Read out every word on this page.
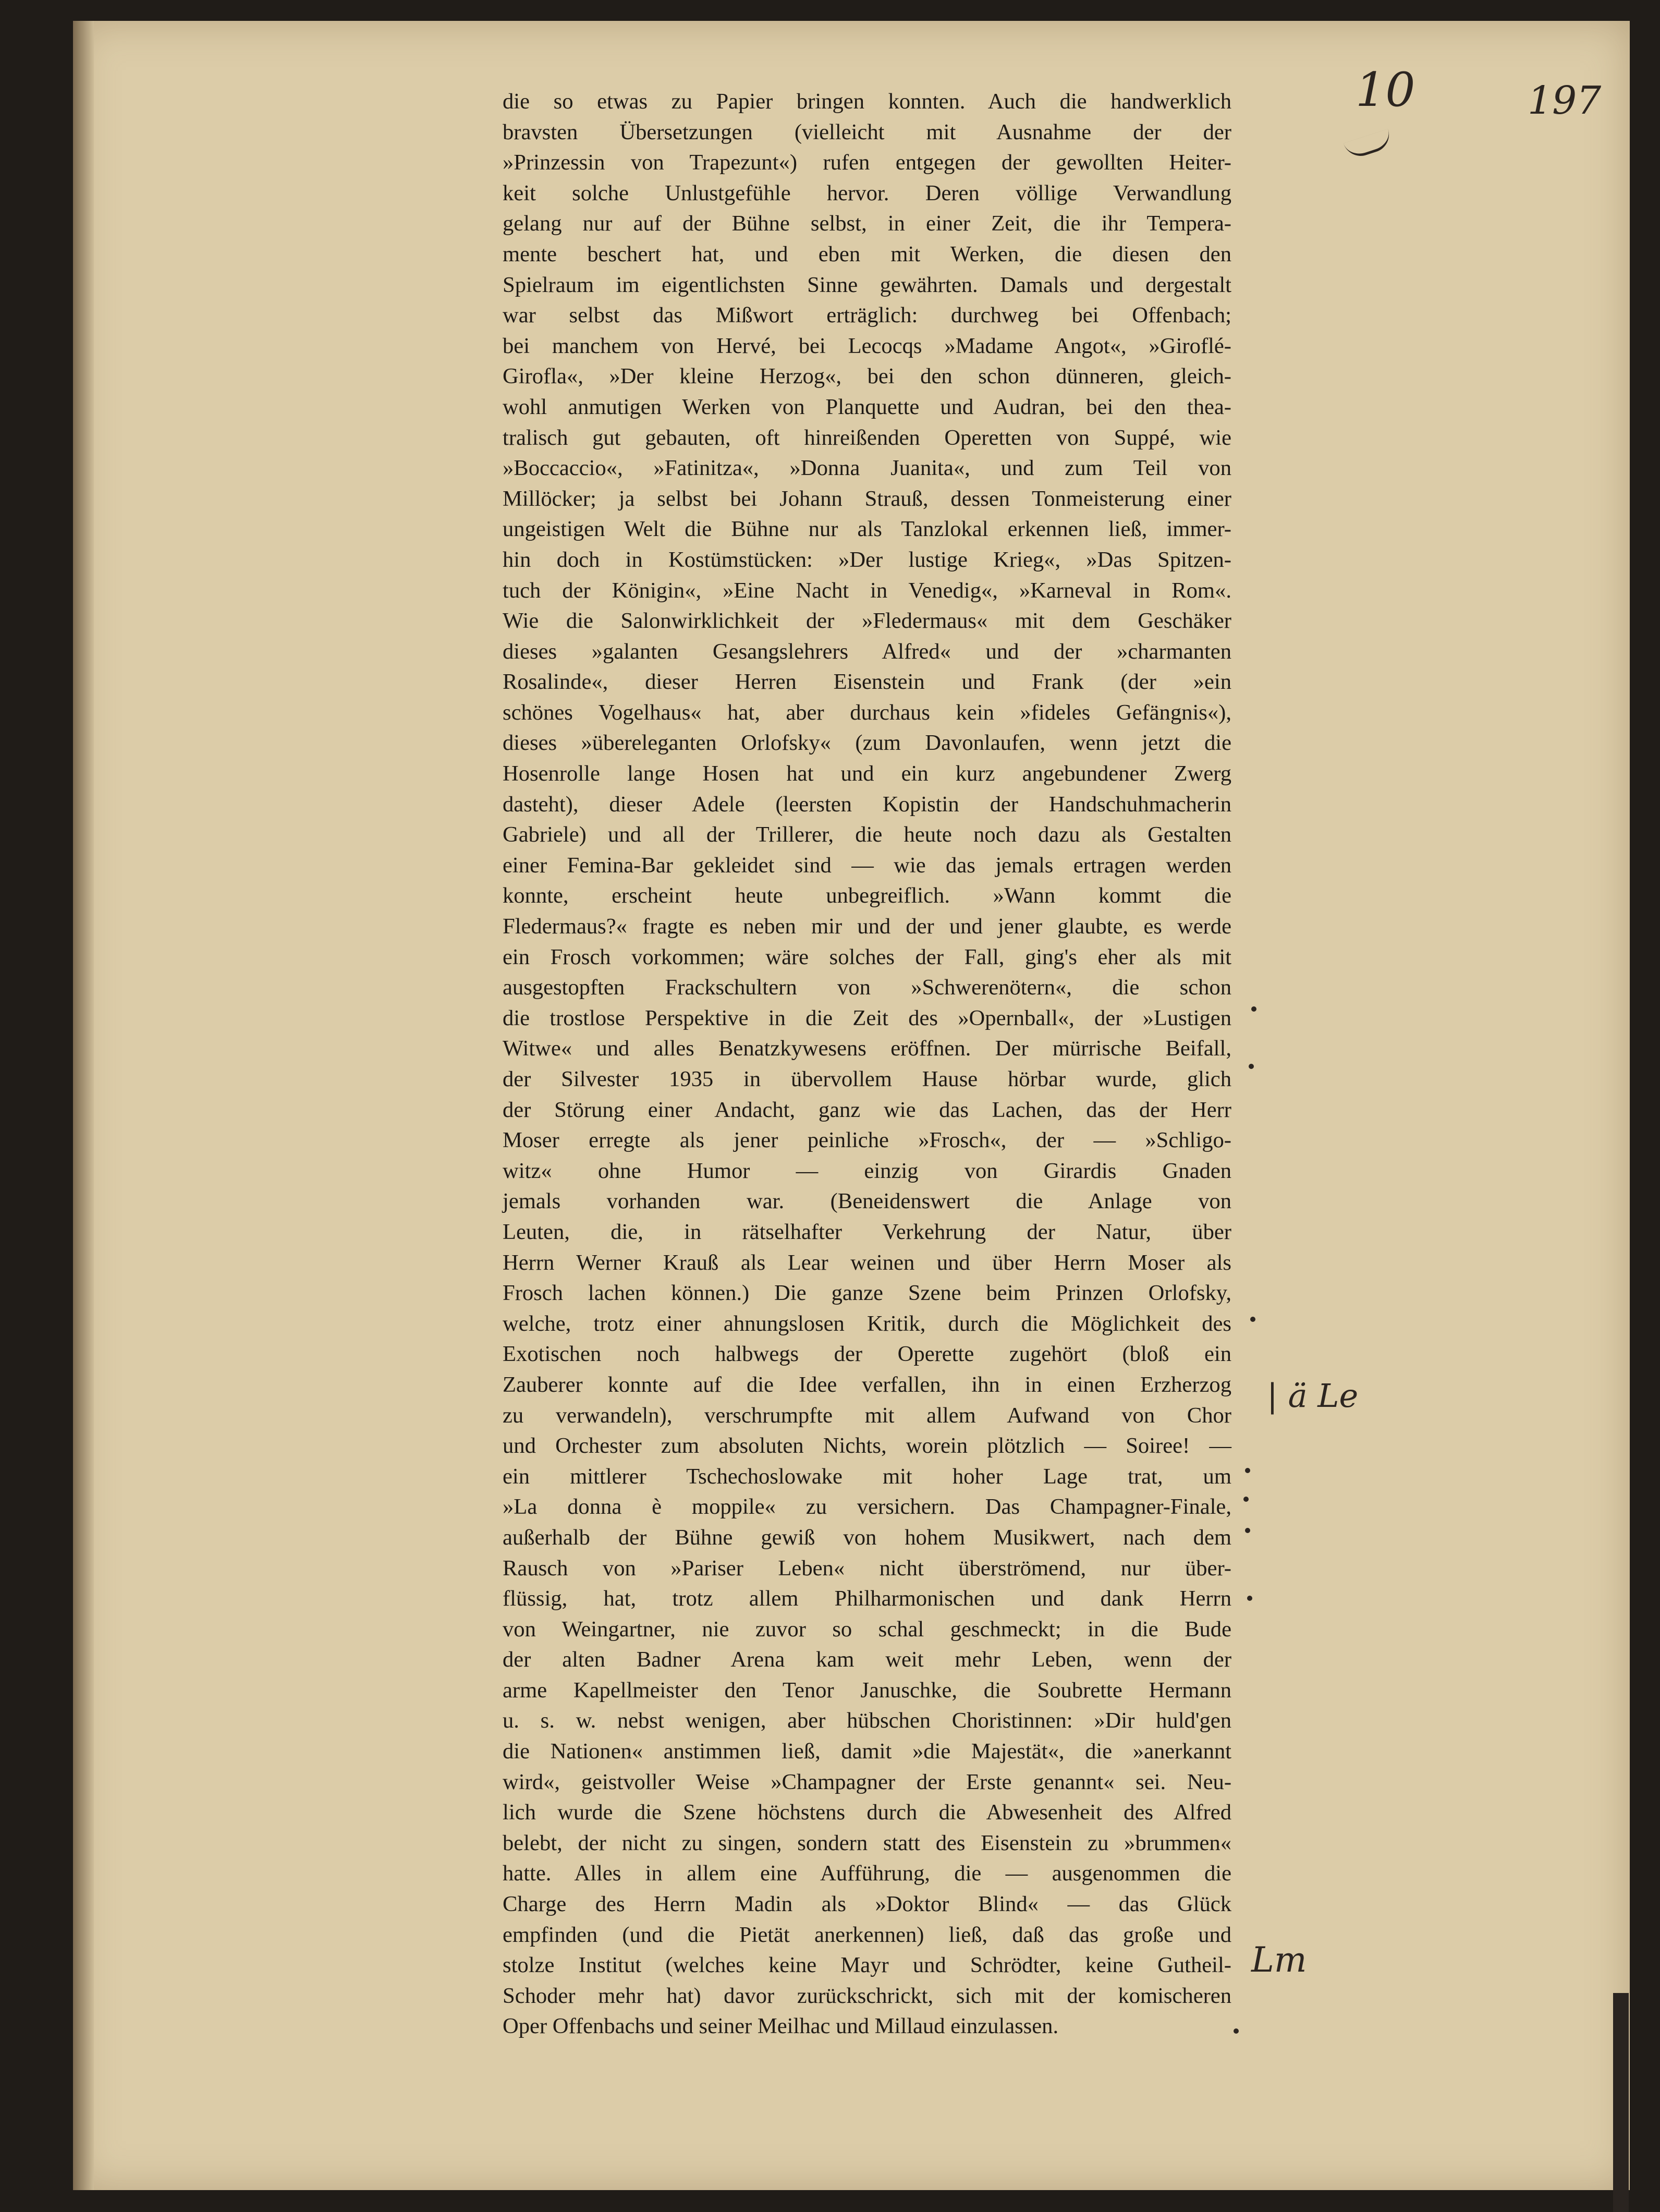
10	197
| ä Le
Lm
die so etwas zu Papier bringen konnten. Auch die handwerklich
bravsten Übersetzungen (vielleicht mit Ausnahme der der
»Prinzessin von Trapezunt«) rufen entgegen der gewollten Heiter-
keit solche Unlustgefühle hervor. Deren völlige Verwandlung
gelang nur auf der Bühne selbst, in einer Zeit, die ihr Tempera-
mente beschert hat, und eben mit Werken, die diesen den
Spielraum im eigentlichsten Sinne gewährten. Damals und dergestalt
war selbst das Mißwort erträglich: durchweg bei Offenbach;
bei manchem von Hervé, bei Lecocqs »Madame Angot«, »Giroflé-
Girofla«, »Der kleine Herzog«, bei den schon dünneren, gleich-
wohl anmutigen Werken von Planquette und Audran, bei den thea-
tralisch gut gebauten, oft hinreißenden Operetten von Suppé, wie
»Boccaccio«, »Fatinitza«, »Donna Juanita«, und zum Teil von
Millöcker; ja selbst bei Johann Strauß, dessen Tonmeisterung einer
ungeistigen Welt die Bühne nur als Tanzlokal erkennen ließ, immer-
hin doch in Kostümstücken: »Der lustige Krieg«, »Das Spitzen-
tuch der Königin«, »Eine Nacht in Venedig«, »Karneval in Rom«.
Wie die Salonwirklichkeit der »Fledermaus« mit dem Geschäker
dieses »galanten Gesangslehrers Alfred« und der »charmanten
Rosalinde«, dieser Herren Eisenstein und Frank (der »ein
schönes Vogelhaus« hat, aber durchaus kein »fideles Gefängnis«),
dieses »übereleganten Orlofsky« (zum Davonlaufen, wenn jetzt die
Hosenrolle lange Hosen hat und ein kurz angebundener Zwerg
dasteht), dieser Adele (leersten Kopistin der Handschuhmacherin
Gabriele) und all der Trillerer, die heute noch dazu als Gestalten
einer Femina-Bar gekleidet sind — wie das jemals ertragen werden
konnte, erscheint heute unbegreiflich. »Wann kommt die
Fledermaus?« fragte es neben mir und der und jener glaubte, es werde
ein Frosch vorkommen; wäre solches der Fall, ging's eher als mit
ausgestopften Frackschultern von »Schwerenötern«, die schon
die trostlose Perspektive in die Zeit des »Opernball«, der »Lustigen
Witwe« und alles Benatzkywesens eröffnen. Der mürrische Beifall,
der Silvester 1935 in übervollem Hause hörbar wurde, glich
der Störung einer Andacht, ganz wie das Lachen, das der Herr
Moser erregte als jener peinliche »Frosch«, der — »Schligo-
witz« ohne Humor — einzig von Girardis Gnaden
jemals vorhanden war. (Beneidenswert die Anlage von
Leuten, die, in rätselhafter Verkehrung der Natur, über
Herrn Werner Krauß als Lear weinen und über Herrn Moser als
Frosch lachen können.) Die ganze Szene beim Prinzen Orlofsky,
welche, trotz einer ahnungslosen Kritik, durch die Möglichkeit des
Exotischen noch halbwegs der Operette zugehört (bloß ein
Zauberer konnte auf die Idee verfallen, ihn in einen Erzherzog
zu verwandeln), verschrumpfte mit allem Aufwand von Chor
und Orchester zum absoluten Nichts, worein plötzlich — Soiree! —
ein mittlerer Tschechoslowake mit hoher Lage trat, um
»La donna è moppile« zu versichern. Das Champagner-Finale,
außerhalb der Bühne gewiß von hohem Musikwert, nach dem
Rausch von »Pariser Leben« nicht überströmend, nur über-
flüssig, hat, trotz allem Philharmonischen und dank Herrn
von Weingartner, nie zuvor so schal geschmeckt; in die Bude
der alten Badner Arena kam weit mehr Leben, wenn der
arme Kapellmeister den Tenor Januschke, die Soubrette Hermann
u. s. w. nebst wenigen, aber hübschen Choristinnen: »Dir huld'gen
die Nationen« anstimmen ließ, damit »die Majestät«, die »anerkannt
wird«, geistvoller Weise »Champagner der Erste genannt« sei. Neu-
lich wurde die Szene höchstens durch die Abwesenheit des Alfred
belebt, der nicht zu singen, sondern statt des Eisenstein zu »brummen«
hatte. Alles in allem eine Aufführung, die — ausgenommen die
Charge des Herrn Madin als »Doktor Blind« — das Glück
empfinden (und die Pietät anerkennen) ließ, daß das große und
stolze Institut (welches keine Mayr und Schrödter, keine Gutheil-
Schoder mehr hat) davor zurückschrickt, sich mit der komischeren
Oper Offenbachs und seiner Meilhac und Millaud einzulassen.
